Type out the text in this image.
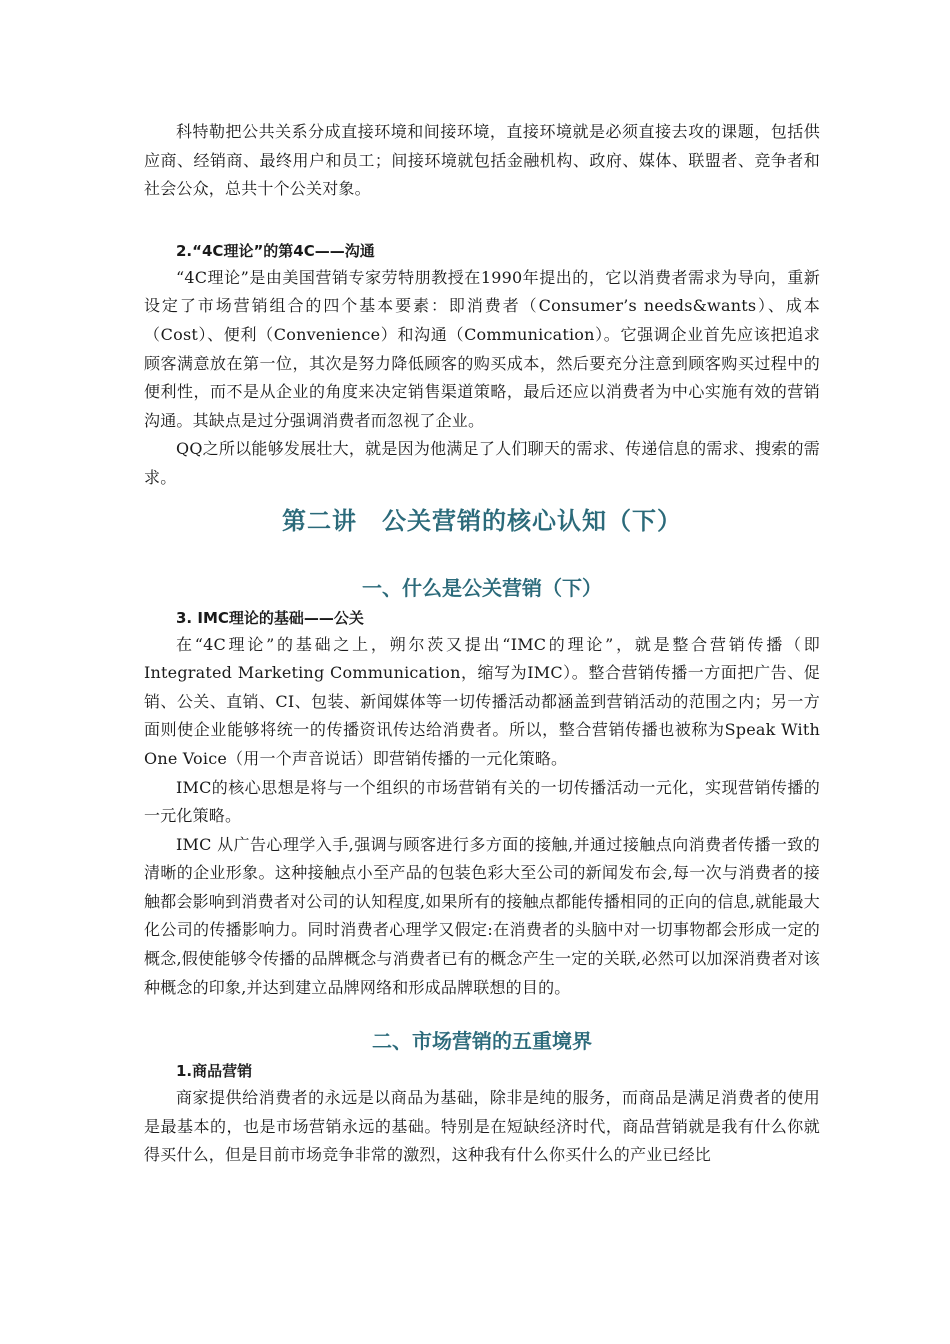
科特勒把公共关系分成直接环境和间接环境，直接环境就是必须直接去攻的课题，包括供应商、经销商、最终用户和员工；间接环境就包括金融机构、政府、媒体、联盟者、竞争者和社会公众，总共十个公关对象。

2.“4C理论”的第4C——沟通

“4C理论”是由美国营销专家劳特朋教授在1990年提出的，它以消费者需求为导向，重新设定了市场营销组合的四个基本要素：即消费者（Consumer’s needs&wants）、成本（Cost）、便利（Convenience）和沟通（Communication）。它强调企业首先应该把追求顾客满意放在第一位，其次是努力降低顾客的购买成本，然后要充分注意到顾客购买过程中的便利性，而不是从企业的角度来决定销售渠道策略，最后还应以消费者为中心实施有效的营销沟通。其缺点是过分强调消费者而忽视了企业。

QQ之所以能够发展壮大，就是因为他满足了人们聊天的需求、传递信息的需求、搜索的需求。

第二讲　公关营销的核心认知（下）
一、什么是公关营销（下）
3. IMC理论的基础——公关

在“4C理论”的基础之上，朔尔茨又提出“IMC的理论”，就是整合营销传播（即Integrated Marketing Communication，缩写为IMC）。整合营销传播一方面把广告、促销、公关、直销、CI、包装、新闻媒体等一切传播活动都涵盖到营销活动的范围之内；另一方面则使企业能够将统一的传播资讯传达给消费者。所以，整合营销传播也被称为Speak With One Voice（用一个声音说话）即营销传播的一元化策略。

IMC的核心思想是将与一个组织的市场营销有关的一切传播活动一元化，实现营销传播的一元化策略。

IMC 从广告心理学入手,强调与顾客进行多方面的接触,并通过接触点向消费者传播一致的清晰的企业形象。这种接触点小至产品的包装色彩大至公司的新闻发布会,每一次与消费者的接触都会影响到消费者对公司的认知程度,如果所有的接触点都能传播相同的正向的信息,就能最大化公司的传播影响力。同时消费者心理学又假定:在消费者的头脑中对一切事物都会形成一定的概念,假使能够令传播的品牌概念与消费者已有的概念产生一定的关联,必然可以加深消费者对该种概念的印象,并达到建立品牌网络和形成品牌联想的目的。

二、市场营销的五重境界
1.商品营销

商家提供给消费者的永远是以商品为基础，除非是纯的服务，而商品是满足消费者的使用是最基本的，也是市场营销永远的基础。特别是在短缺经济时代，商品营销就是我有什么你就得买什么，但是目前市场竞争非常的激烈，这种我有什么你买什么的产业已经比
